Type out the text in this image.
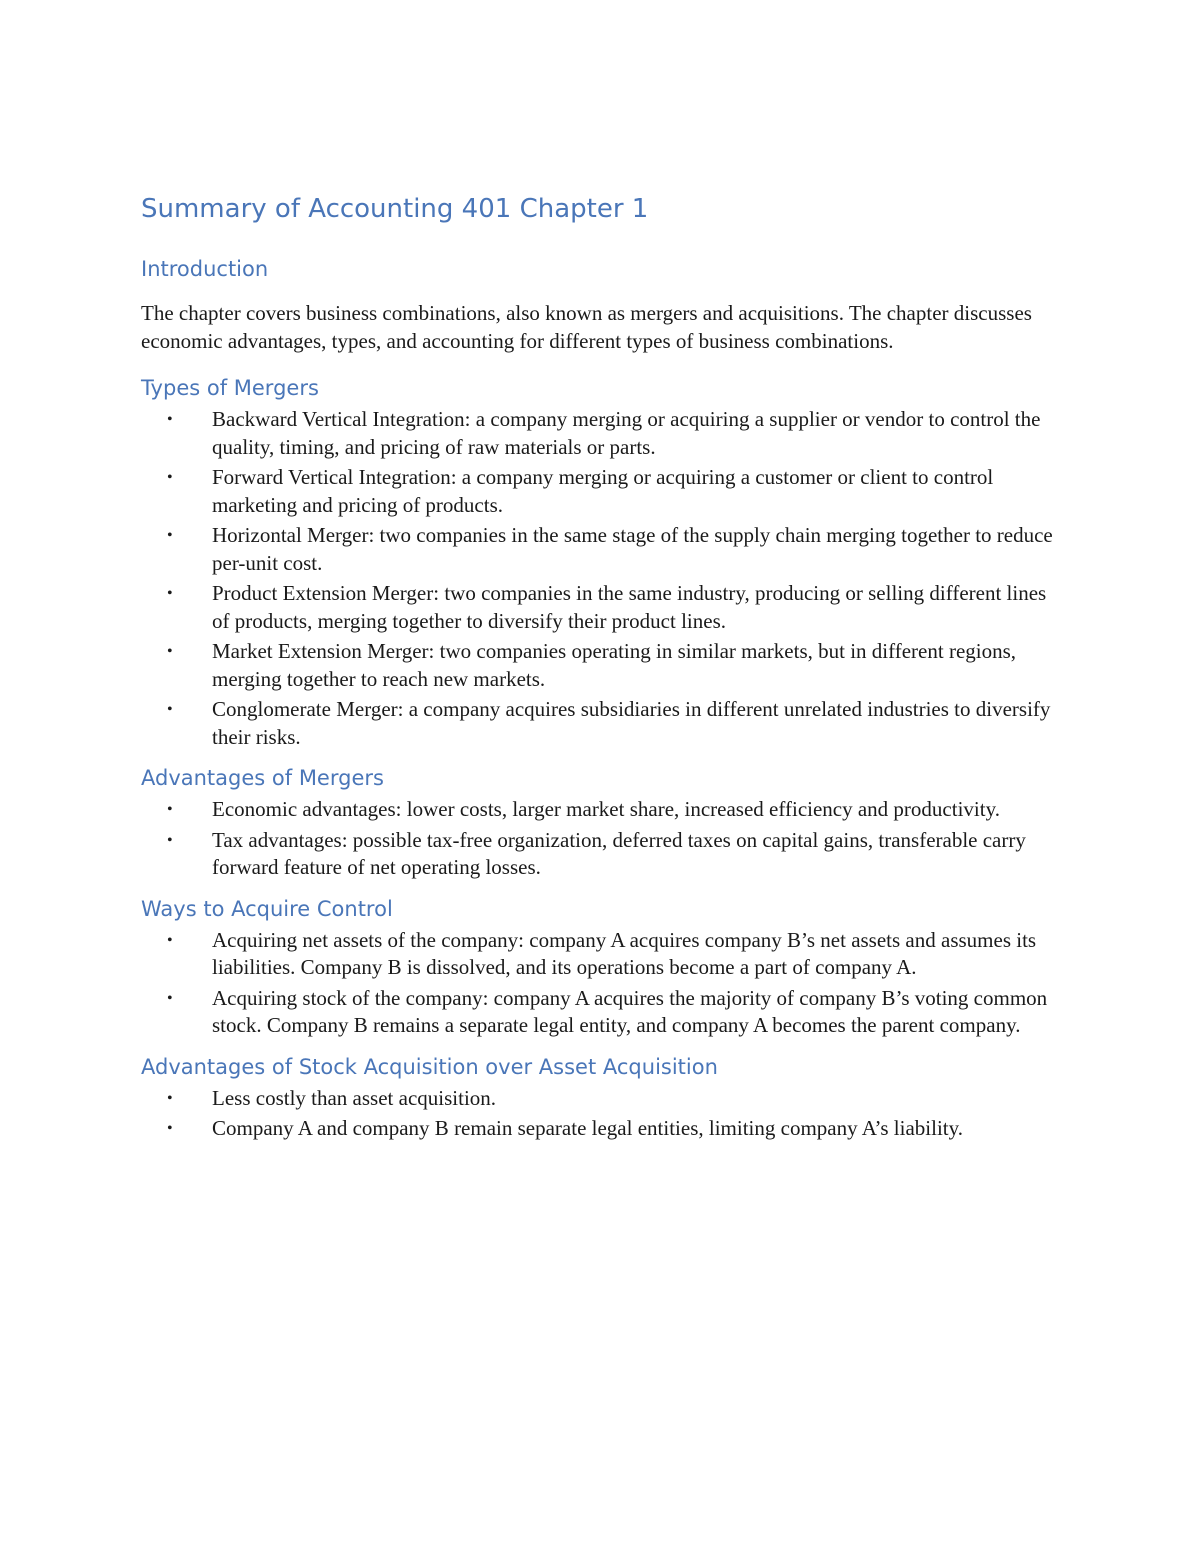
Summary of Accounting 401 Chapter 1
Introduction

The chapter covers business combinations, also known as mergers and acquisitions. The chapter discusses economic advantages, types, and accounting for different types of business combinations.

Types of Mergers
• Backward Vertical Integration: a company merging or acquiring a supplier or vendor to control the quality, timing, and pricing of raw materials or parts.
• Forward Vertical Integration: a company merging or acquiring a customer or client to control marketing and pricing of products.
• Horizontal Merger: two companies in the same stage of the supply chain merging together to reduce per-unit cost.
• Product Extension Merger: two companies in the same industry, producing or selling different lines of products, merging together to diversify their product lines.
• Market Extension Merger: two companies operating in similar markets, but in different regions, merging together to reach new markets.
• Conglomerate Merger: a company acquires subsidiaries in different unrelated industries to diversify their risks.
Advantages of Mergers
• Economic advantages: lower costs, larger market share, increased efficiency and productivity.
• Tax advantages: possible tax-free organization, deferred taxes on capital gains, transferable carry forward feature of net operating losses.
Ways to Acquire Control
• Acquiring net assets of the company: company A acquires company B’s net assets and assumes its liabilities. Company B is dissolved, and its operations become a part of company A.
• Acquiring stock of the company: company A acquires the majority of company B’s voting common stock. Company B remains a separate legal entity, and company A becomes the parent company.
Advantages of Stock Acquisition over Asset Acquisition
• Less costly than asset acquisition.
• Company A and company B remain separate legal entities, limiting company A’s liability.
